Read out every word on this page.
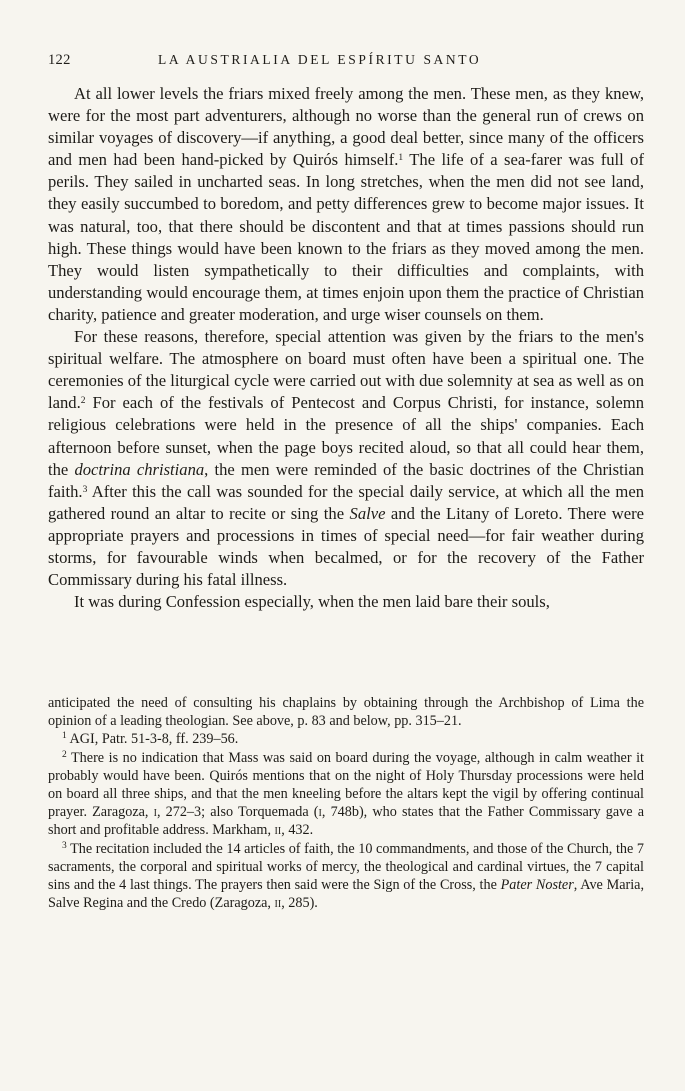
122	LA AUSTRIALIA DEL ESPÍRITU SANTO

At all lower levels the friars mixed freely among the men. These men, as they knew, were for the most part adventurers, although no worse than the general run of crews on similar voyages of discovery—if anything, a good deal better, since many of the officers and men had been hand-picked by Quirós himself.$^1$ The life of a sea-farer was full of perils. They sailed in uncharted seas. In long stretches, when the men did not see land, they easily succumbed to boredom, and petty differences grew to become major issues. It was natural, too, that there should be discontent and that at times passions should run high. These things would have been known to the friars as they moved among the men. They would listen sympathetically to their difficulties and complaints, with understanding would encourage them, at times enjoin upon them the practice of Christian charity, patience and greater moderation, and urge wiser counsels on them.

For these reasons, therefore, special attention was given by the friars to the men's spiritual welfare. The atmosphere on board must often have been a spiritual one. The ceremonies of the liturgical cycle were carried out with due solemnity at sea as well as on land.$^2$ For each of the festivals of Pentecost and Corpus Christi, for instance, solemn religious celebrations were held in the presence of all the ships' companies. Each afternoon before sunset, when the page boys recited aloud, so that all could hear them, the doctrina christiana, the men were reminded of the basic doctrines of the Christian faith.$^3$ After this the call was sounded for the special daily service, at which all the men gathered round an altar to recite or sing the Salve and the Litany of Loreto. There were appropriate prayers and processions in times of special need—for fair weather during storms, for favourable winds when becalmed, or for the recovery of the Father Commissary during his fatal illness.

It was during Confession especially, when the men laid bare their souls,

anticipated the need of consulting his chaplains by obtaining through the Archbishop of Lima the opinion of a leading theologian. See above, p. 83 and below, pp. 315–21.

$^1$ AGI, Patr. 51-3-8, ff. 239–56.

$^2$ There is no indication that Mass was said on board during the voyage, although in calm weather it probably would have been. Quirós mentions that on the night of Holy Thursday processions were held on board all three ships, and that the men kneeling before the altars kept the vigil by offering continual prayer. Zaragoza, i, 272–3; also Torquemada (i, 748b), who states that the Father Commissary gave a short and profitable address. Markham, ii, 432.

$^3$ The recitation included the 14 articles of faith, the 10 commandments, and those of the Church, the 7 sacraments, the corporal and spiritual works of mercy, the theological and cardinal virtues, the 7 capital sins and the 4 last things. The prayers then said were the Sign of the Cross, the Pater Noster, Ave Maria, Salve Regina and the Credo (Zaragoza, ii, 285).
